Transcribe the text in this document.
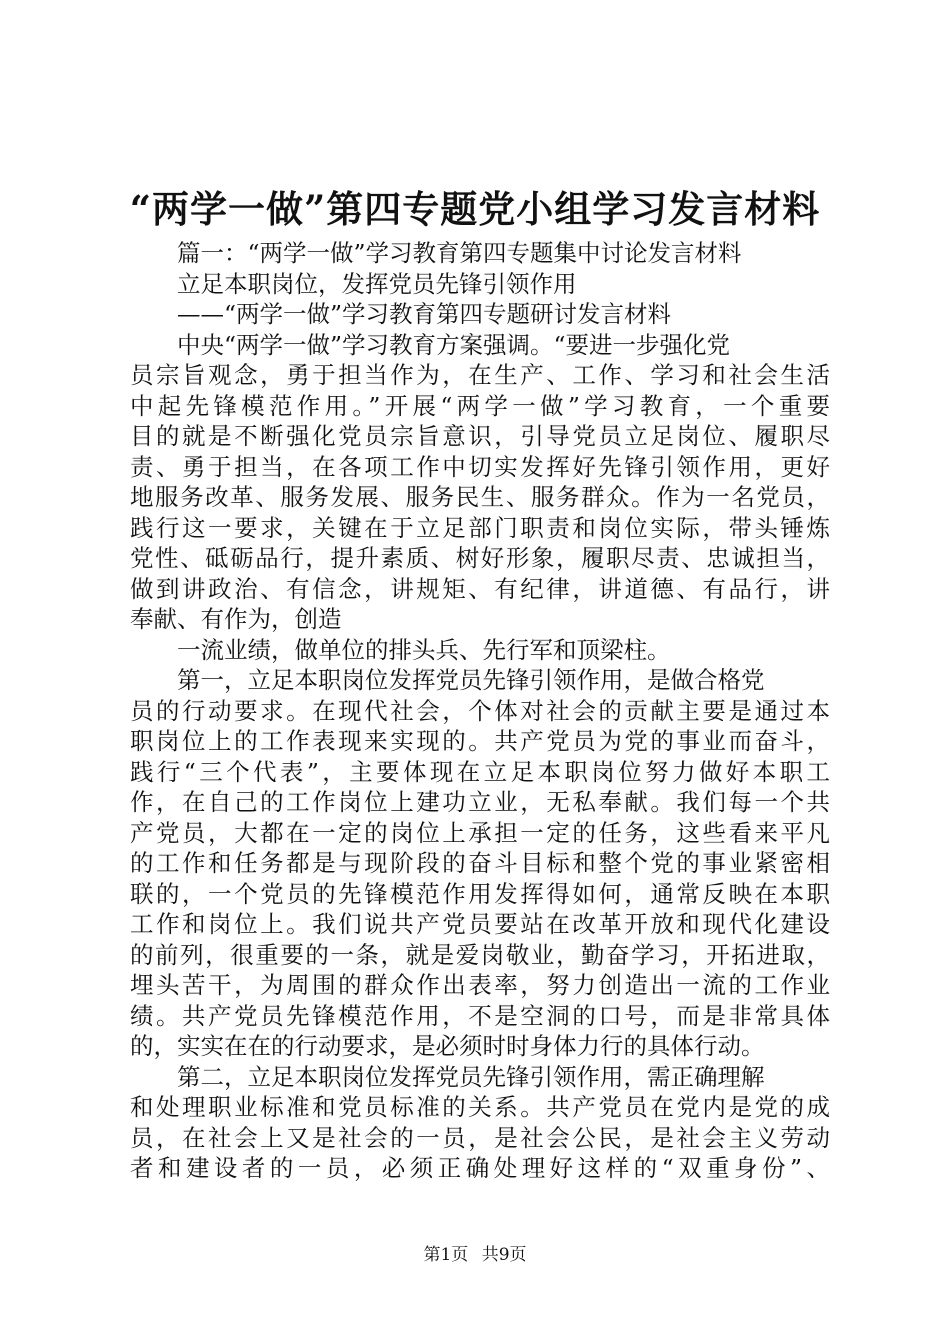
“两学一做”第四专题党小组学习发言材料
篇一：“两学一做”学习教育第四专题集中讨论发言材料
立足本职岗位，发挥党员先锋引领作用
——“两学一做”学习教育第四专题研讨发言材料
中央“两学一做”学习教育方案强调。“要进一步强化党
员宗旨观念，勇于担当作为，在生产、工作、学习和社会生活
中起先锋模范作用。”开展“两学一做”学习教育，一个重要
目的就是不断强化党员宗旨意识，引导党员立足岗位、履职尽
责、勇于担当，在各项工作中切实发挥好先锋引领作用，更好
地服务改革、服务发展、服务民生、服务群众。作为一名党员，
践行这一要求，关键在于立足部门职责和岗位实际，带头锤炼
党性、砥砺品行，提升素质、树好形象，履职尽责、忠诚担当，
做到讲政治、有信念，讲规矩、有纪律，讲道德、有品行，讲
奉献、有作为，创造
一流业绩，做单位的排头兵、先行军和顶梁柱。
第一，立足本职岗位发挥党员先锋引领作用，是做合格党
员的行动要求。在现代社会，个体对社会的贡献主要是通过本
职岗位上的工作表现来实现的。共产党员为党的事业而奋斗，
践行“三个代表”，主要体现在立足本职岗位努力做好本职工
作，在自己的工作岗位上建功立业，无私奉献。我们每一个共
产党员，大都在一定的岗位上承担一定的任务，这些看来平凡
的工作和任务都是与现阶段的奋斗目标和整个党的事业紧密相
联的，一个党员的先锋模范作用发挥得如何，通常反映在本职
工作和岗位上。我们说共产党员要站在改革开放和现代化建设
的前列，很重要的一条，就是爱岗敬业，勤奋学习，开拓进取，
埋头苦干，为周围的群众作出表率，努力创造出一流的工作业
绩。共产党员先锋模范作用，不是空洞的口号，而是非常具体
的，实实在在的行动要求，是必须时时身体力行的具体行动。
第二，立足本职岗位发挥党员先锋引领作用，需正确理解
和处理职业标准和党员标准的关系。共产党员在党内是党的成
员，在社会上又是社会的一员，是社会公民，是社会主义劳动
者和建设者的一员，必须正确处理好这样的“双重身份”、
第1页 共9页
